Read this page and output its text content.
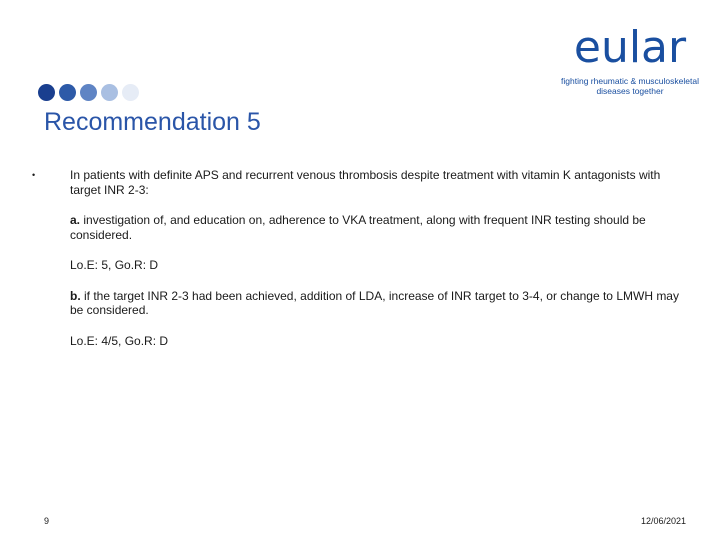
eular
fighting rheumatic & musculoskeletal
diseases together
Recommendation 5
•	In patients with definite APS and recurrent venous thrombosis despite treatment with vitamin K antagonists with target INR 2-3:
a. investigation of, and education on, adherence to VKA treatment, along with frequent INR testing should be considered.
Lo.E: 5, Go.R: D
b. if the target INR 2-3 had been achieved, addition of LDA, increase of INR target to 3-4, or change to LMWH may be considered.
Lo.E: 4/5, Go.R: D
9	12/06/2021
